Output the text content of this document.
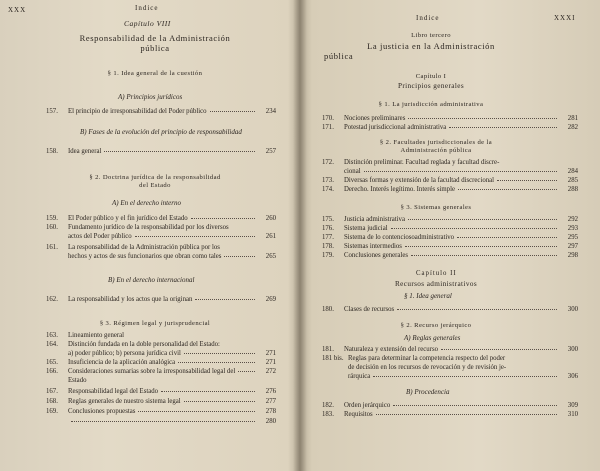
XXX	Indice
Capítulo VIII
Responsabilidad de la Administración
pública
§ 1. Idea general de la cuestión
A) Principios jurídicos
157.	El principio de irresponsabilidad del Poder público	234
B) Fases de la evolución del principio de responsabilidad
158.	Idea general	257
§ 2. Doctrina jurídica de la responsabilidad
del Estado
A) En el derecho interno
159.	El Poder público y el fin jurídico del Estado	260
160.	Fundamento jurídico de la responsabilidad por los diversos
actos del Poder público	261
161.	La responsabilidad de la Administración pública por los
hechos y actos de sus funcionarios que obran como tales	265
B) En el derecho internacional
162.	La responsabilidad y los actos que la originan	269
§ 3. Régimen legal y jurisprudencial
163.	Lineamiento general
164.	Distinción fundada en la doble personalidad del Estado:
a) poder público; b) persona jurídica civil	271
165.	Insuficiencia de la aplicación analógica	271
166.	Consideraciones sumarias sobre la irresponsabilidad legal del	272
Estado
167.	Responsabilidad legal del Estado	276
168.	Reglas generales de nuestro sistema legal	277
169.	Conclusiones propuestas	278
280
Indice	XXXI
Libro tercero
La justicia en la Administración
pública
Capítulo I
Principios generales
§ 1. La jurisdicción administrativa
170.	Nociones preliminares	281
171.	Potestad jurisdiccional administrativa	282
§ 2. Facultades jurisdiccionales de la
Administración pública
172.	Distinción preliminar. Facultad reglada y facultad discre-
cional	284
173.	Diversas formas y extensión de la facultad discrecional	285
174.	Derecho. Interés legítimo. Interés simple	288
§ 3. Sistemas generales
175.	Justicia administrativa	292
176.	Sistema judicial	293
177.	Sistema de lo contenciosoadministrativo	295
178.	Sistemas intermedios	297
179.	Conclusiones generales	298
Capítulo II
Recursos administrativos
§ 1. Idea general
180.	Clases de recursos	300
§ 2. Recurso jerárquico
A) Reglas generales
181.	Naturaleza y extensión del recurso	300
181 bis. Reglas para determinar la competencia respecto del poder
de decisión en los recursos de revocación y de revisión je-
rárquica	306
B) Procedencia
182.	Orden jerárquico	309
183.	Requisitos	310
